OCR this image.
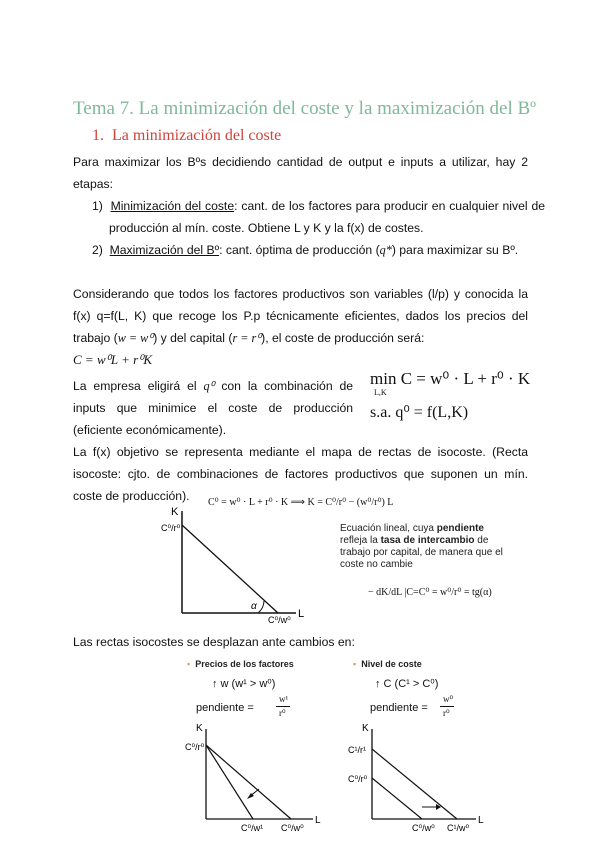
Tema 7. La minimización del coste y la maximización del Bº
1. La minimización del coste
Para maximizar los Bºs decidiendo cantidad de output e inputs a utilizar, hay 2 etapas:
1) Minimización del coste: cant. de los factores para producir en cualquier nivel de producción al mín. coste. Obtiene L y K y la f(x) de costes.
2) Maximización del Bº: cant. óptima de producción (q*) para maximizar su Bº.
Considerando que todos los factores productivos son variables (l/p) y conocida la f(x) q=f(L, K) que recoge los P.p técnicamente eficientes, dados los precios del trabajo (w = w⁰) y del capital (r = r⁰), el coste de producción será:
C = w⁰L + r⁰K
La empresa eligirá el q⁰ con la combinación de inputs que minimice el coste de producción (eficiente económicamente).
min C = w⁰ · L + r⁰ · K
L,K
s.a. q⁰ = f(L,K)
La f(x) objetivo se representa mediante el mapa de rectas de isocoste. (Recta isocoste: cjto. de combinaciones de factores productivos que suponen un mín. coste de producción).	C⁰ = w⁰ · L + r⁰ · K ⟹ K = C⁰/r⁰ − (w⁰/r⁰) L
K
L
C⁰/r⁰
C⁰/w⁰
α
Ecuación lineal, cuya pendiente refleja la tasa de intercambio de trabajo por capital, de manera que el coste no cambie
− dK/dL |C=C⁰ = w⁰/r⁰ = tg(α)
Las rectas isocostes se desplazan ante cambios en:
▪ Precios de los factores
↑ w (w¹ > w⁰)
pendiente =
w¹
r⁰
K
L
C⁰/r⁰
C⁰/w¹ C⁰/w⁰
▪ Nivel de coste
↑ C (C¹ > C⁰)
pendiente =
w⁰
r⁰
K
L
C¹/r¹
C⁰/r⁰
C⁰/w⁰ C¹/w⁰
